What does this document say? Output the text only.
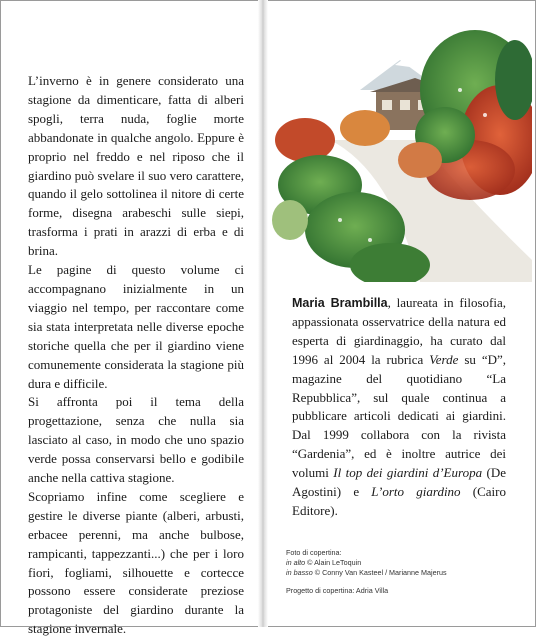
L’inverno è in genere considerato una stagione da dimenticare, fatta di alberi spogli, terra nuda, foglie morte abbandonate in qualche angolo. Eppure è proprio nel freddo e nel riposo che il giardino può svelare il suo vero carattere, quando il gelo sottolinea il nitore di certe forme, disegna arabeschi sulle siepi, trasforma i prati in arazzi di erba e di brina.

Le pagine di questo volume ci accompagnano inizialmente in un viaggio nel tempo, per raccontare come sia stata interpretata nelle diverse epoche storiche quella che per il giardino viene comunemente considerata la stagione più dura e difficile.

Si affronta poi il tema della progettazione, senza che nulla sia lasciato al caso, in modo che uno spazio verde possa conservarsi bello e godibile anche nella cattiva stagione.

Scopriamo infine come scegliere e gestire le diverse piante (alberi, arbusti, erbacee perenni, ma anche bulbose, rampicanti, tappezzanti...) che per i loro fiori, fogliami, silhouette e cortecce possono essere considerate preziose protagoniste del giardino durante la stagione invernale.

Maria Brambilla, laureata in filosofia, appassionata osservatrice della natura ed esperta di giardinaggio, ha curato dal 1996 al 2004 la rubrica Verde su “D”, magazine del quotidiano “La Repubblica”, sul quale continua a pubblicare articoli dedicati ai giardini. Dal 1999 collabora con la rivista “Gardenia”, ed è inoltre autrice dei volumi Il top dei giardini d’Europa (De Agostini) e L’orto giardino (Cairo Editore).
Foto di copertina:
in alto © Alain LeToquin
in basso © Conny Van Kasteel / Marianne Majerus
Progetto di copertina: Adria Villa
